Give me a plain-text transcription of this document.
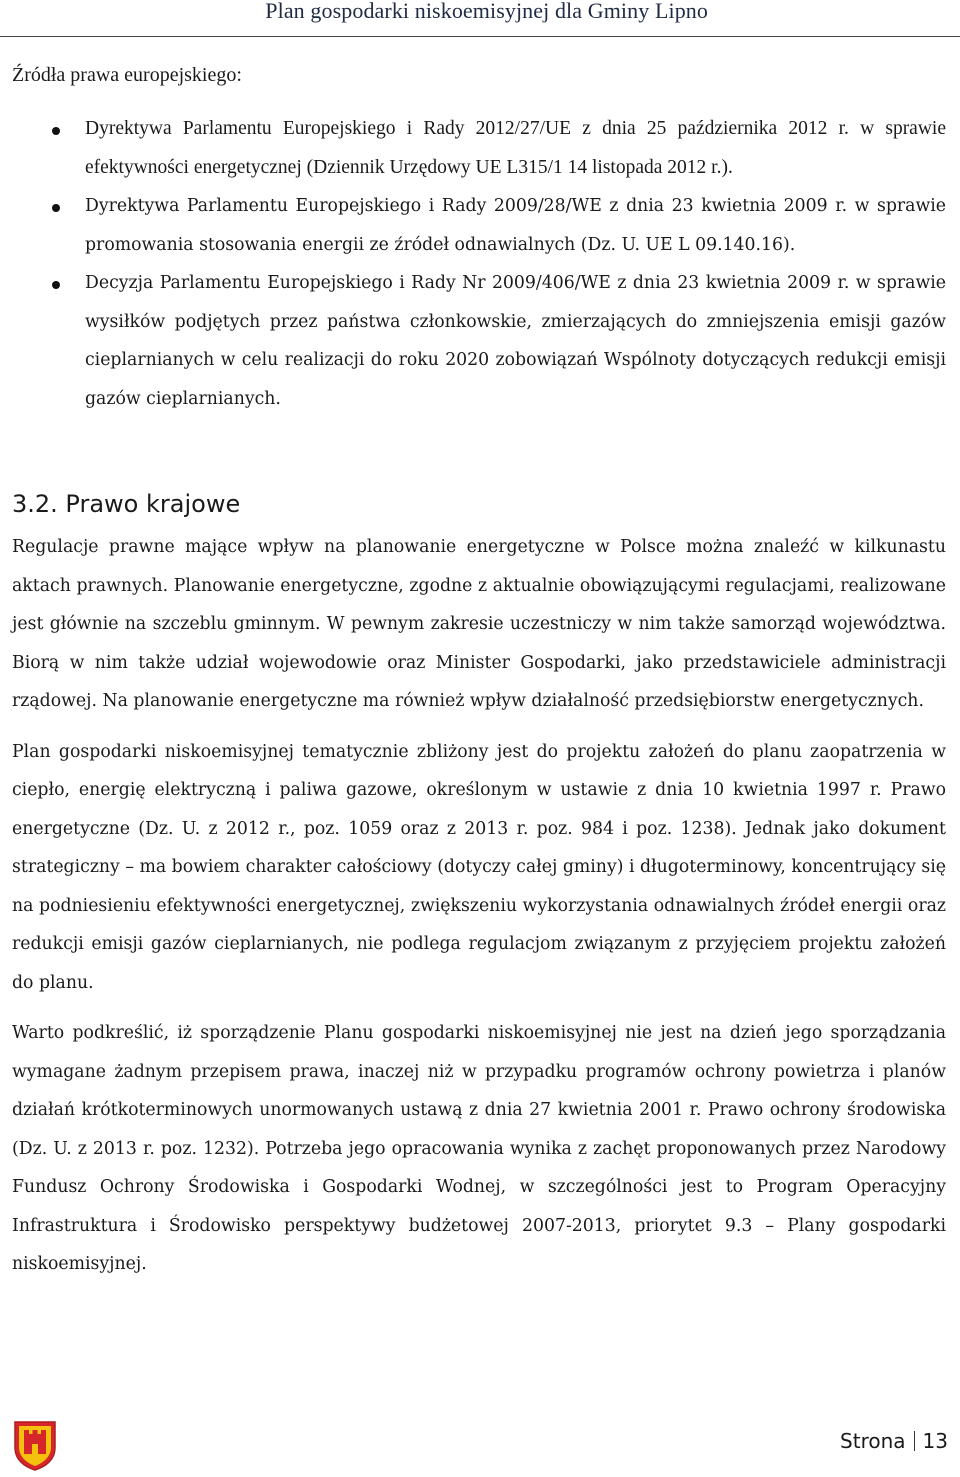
Plan gospodarki niskoemisyjnej dla Gminy Lipno

Źródła prawa europejskiego:

Dyrektywa Parlamentu Europejskiego i Rady 2012/27/UE z dnia 25 października 2012 r. w sprawie efektywności energetycznej (Dziennik Urzędowy UE L315/1 14 listopada 2012 r.).
Dyrektywa Parlamentu Europejskiego i Rady 2009/28/WE z dnia 23 kwietnia 2009 r. w sprawie promowania stosowania energii ze źródeł odnawialnych (Dz. U. UE L 09.140.16).
Decyzja Parlamentu Europejskiego i Rady Nr 2009/406/WE z dnia 23 kwietnia 2009 r. w sprawie wysiłków podjętych przez państwa członkowskie, zmierzających do zmniejszenia emisji gazów cieplarnianych w celu realizacji do roku 2020 zobowiązań Wspólnoty dotyczących redukcji emisji gazów cieplarnianych.
3.2. Prawo krajowe

Regulacje prawne mające wpływ na planowanie energetyczne w Polsce można znaleźć w kilkunastu aktach prawnych. Planowanie energetyczne, zgodne z aktualnie obowiązującymi regulacjami, realizowane jest głównie na szczeblu gminnym. W pewnym zakresie uczestniczy w nim także samorząd województwa. Biorą w nim także udział wojewodowie oraz Minister Gospodarki, jako przedstawiciele administracji rządowej. Na planowanie energetyczne ma również wpływ działalność przedsiębiorstw energetycznych.

Plan gospodarki niskoemisyjnej tematycznie zbliżony jest do projektu założeń do planu zaopatrzenia w ciepło, energię elektryczną i paliwa gazowe, określonym w ustawie z dnia 10 kwietnia 1997 r. Prawo energetyczne (Dz. U. z 2012 r., poz. 1059 oraz z 2013 r. poz. 984 i poz. 1238). Jednak jako dokument strategiczny – ma bowiem charakter całościowy (dotyczy całej gminy) i długoterminowy, koncentrujący się na podniesieniu efektywności energetycznej, zwiększeniu wykorzystania odnawialnych źródeł energii oraz redukcji emisji gazów cieplarnianych, nie podlega regulacjom związanym z przyjęciem projektu założeń do planu.

Warto podkreślić, iż sporządzenie Planu gospodarki niskoemisyjnej nie jest na dzień jego sporządzania wymagane żadnym przepisem prawa, inaczej niż w przypadku programów ochrony powietrza i planów działań krótkoterminowych unormowanych ustawą z dnia 27 kwietnia 2001 r. Prawo ochrony środowiska (Dz. U. z 2013 r. poz. 1232). Potrzeba jego opracowania wynika z zachęt proponowanych przez Narodowy Fundusz Ochrony Środowiska i Gospodarki Wodnej, w szczególności jest to Program Operacyjny Infrastruktura i Środowisko perspektywy budżetowej 2007-2013, priorytet 9.3 – Plany gospodarki niskoemisyjnej.

Strona 13
